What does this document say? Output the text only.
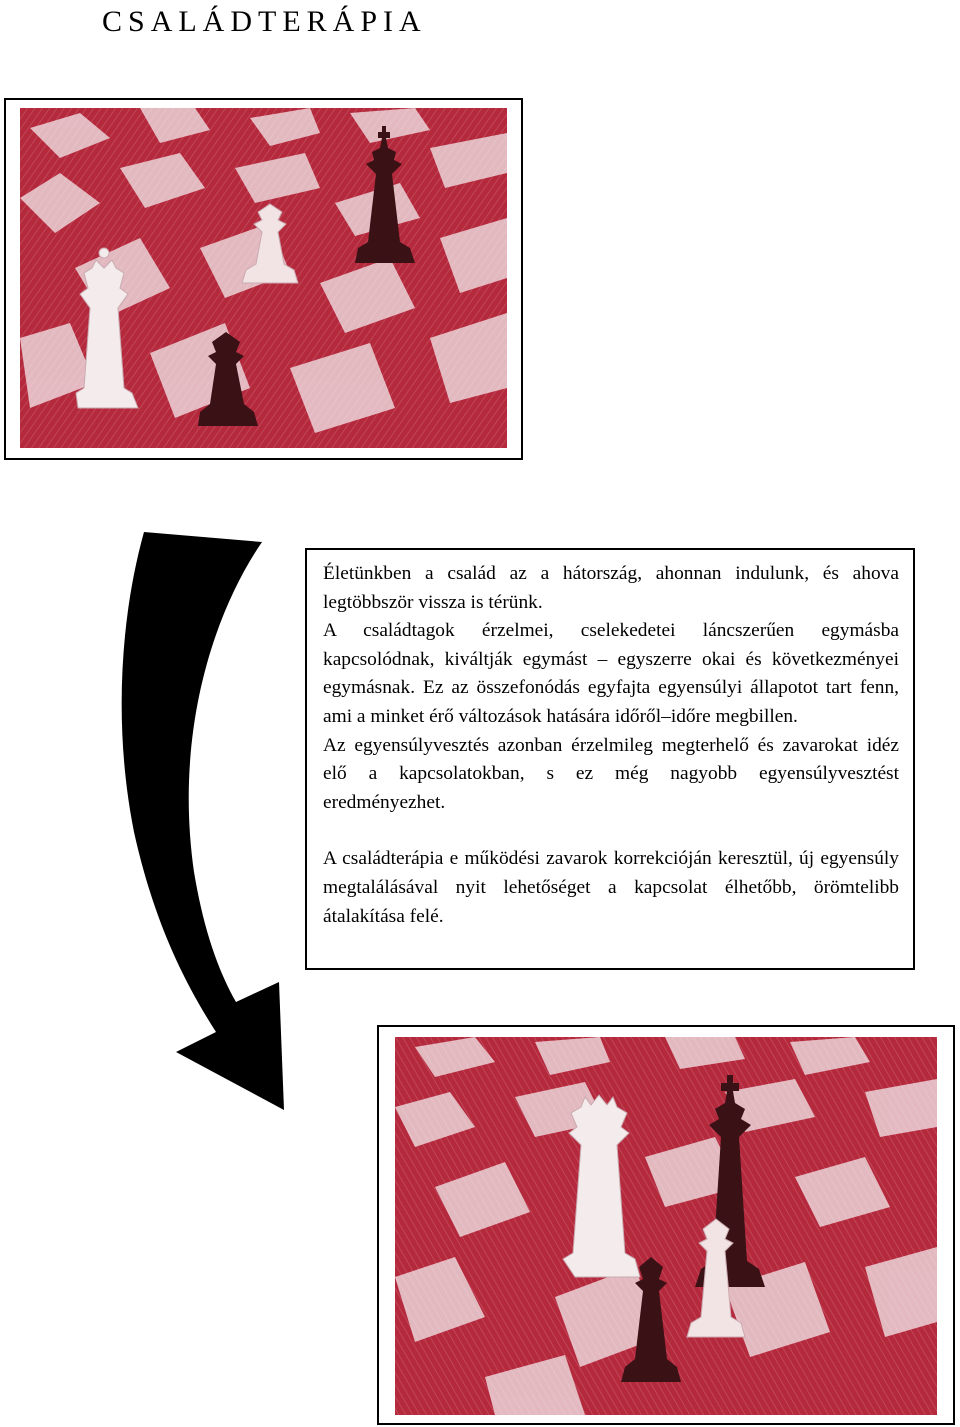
CSALÁDTERÁPIA

Életünkben a család az a hátország, ahonnan indulunk, és ahova legtöbbször vissza is térünk.

A családtagok érzelmei, cselekedetei láncszerűen egymásba kapcsolódnak, kiváltják egymást – egyszerre okai és következményei egymásnak. Ez az összefonódás egyfajta egyensúlyi állapotot tart fenn, ami a minket érő változások hatására időről–időre megbillen.

Az egyensúlyvesztés azonban érzelmileg megterhelő és zavarokat idéz elő a kapcsolatokban, s ez még nagyobb egyensúlyvesztést eredményezhet.

A családterápia e működési zavarok korrekcióján keresztül, új egyensúly megtalálásával nyit lehetőséget a kapcsolat élhetőbb, örömtelibb átalakítása felé.
